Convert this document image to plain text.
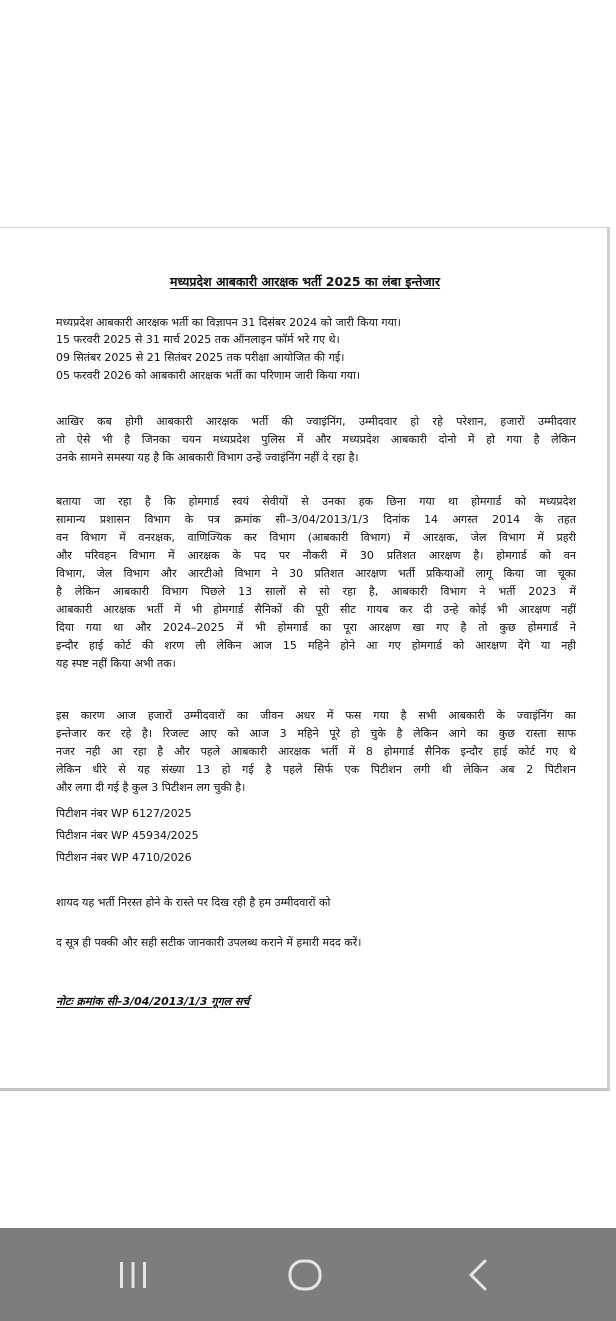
मध्यप्रदेश आबकारी आरक्षक भर्ती 2025 का लंबा इन्तेजार

मध्यप्रदेश आबकारी आरक्षक भर्ती का विज्ञापन 31 दिसंबर 2024 को जारी किया गया।

15 फरवरी 2025 से 31 मार्च 2025 तक ऑनलाइन फॉर्म भरे गए थे।

09 सितंबर 2025 से 21 सितंबर 2025 तक परीक्षा आयोजित की गई।

05 फरवरी 2026 को आबकारी आरक्षक भर्ती का परिणाम जारी किया गया।

आखिर कब होगी आबकारी आरक्षक भर्ती की ज्वाइंनिंग, उम्मीदवार हो रहे परेशान, हजारों उम्मीदवार

तो ऐसे भी है जिनका चयन मध्यप्रदेश पुलिस में और मध्यप्रदेश आबकारी दोनो में हो गया है लेकिन

उनके सामने समस्या यह है कि आबकारी विभाग उन्हें ज्वाइंनिंग नहीं दे रहा है।

बताया जा रहा है कि होमगार्ड स्वयं सेवीयों से उनका हक छिना गया था होमगार्ड को मध्यप्रदेश

सामान्य प्रशासन विभाग के पत्र क्रमांक सी–3/04/2013/1/3 दिनांक 14 अगस्त 2014 के तहत

वन विभाग में वनरक्षक, वाणिज्यिक कर विभाग (आबकारी विभाग) में आरक्षक, जेल विभाग में प्रहरी

और परिवहन विभाग में आरक्षक के पद पर नौकरी में 30 प्रतिशत आरक्षण है। होमगार्ड को वन

विभाग, जेल विभाग और आरटीओ विभाग ने 30 प्रतिशत आरक्षण भर्ती प्रकियाओं लागू किया जा चूका

है लेकिन आबकारी विभाग पिछले 13 सालों से सो रहा है, आबकारी विभाग ने भर्ती 2023 में

आबकारी आरक्षक भर्ती में भी होमगार्ड सैनिकों की पूरी सीट गायब कर दी उन्हे कोई भी आरक्षण नहीं

दिया गया था और 2024–2025 में भी होमगार्ड का पूरा आरक्षण खा गए है तो कुछ होमगार्ड ने

इन्दौर हाई कोर्ट की शरण ली लेकिन आज 15 महिने होने आ गए होमगार्ड को आरक्षण देंगे या नही

यह स्पष्ट नहीं किया अभी तक।

इस कारण आज हजारों उम्मीदवारों का जीवन अधर में फस गया है सभी आबकारी के ज्वाइंनिंग का

इन्तेजार कर रहे है। रिजल्ट आए को आज 3 महिने पूरे हो चुके है लेकिन आगे का कुछ रास्ता साफ

नजर नही आ रहा है और पहले आबकारी आरक्षक भर्ती में 8 होमगार्ड सैनिक इन्दौर हाई कोर्ट गए थे

लेकिन धीरे से यह संख्या 13 हो गई है पहले सिर्फ एक पिटीशन लगी थी लेकिन अब 2 पिटीशन

और लगा दी गई है कुल 3 पिटीशन लग चुकी है।

पिटीशन नंबर WP 6127/2025

पिटीशन नंबर WP 45934/2025

पिटीशन नंबर WP 4710/2026

शायद यह भर्ती निरस्त होने के रास्ते पर दिख रही है हम उम्मीदवारों को

द सूत्र ही पक्की और सही सटीक जानकारी उपलब्ध कराने में हमारी मदद करें।

नोटः क्रमांक सी–3/04/2013/1/3 गूगल सर्च
